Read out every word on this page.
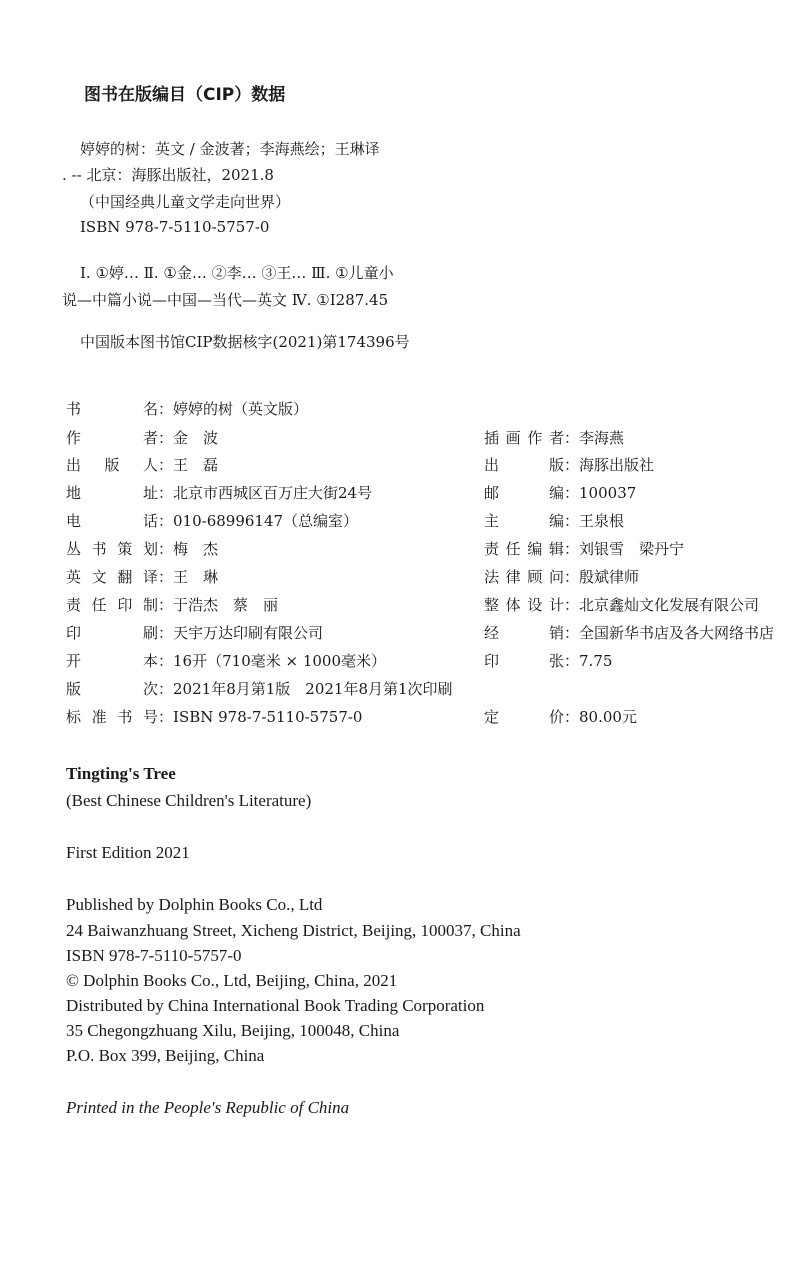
图书在版编目（CIP）数据
婷婷的树：英文 / 金波著；李海燕绘；王琳译
. -- 北京：海豚出版社，2021.8
（中国经典儿童文学走向世界）
ISBN 978-7-5110-5757-0
Ⅰ. ①婷… Ⅱ. ①金… ②李… ③王… Ⅲ. ①儿童小
说—中篇小说—中国—当代—英文 Ⅳ. ①I287.45
中国版本图书馆CIP数据核字(2021)第174396号
书名：婷婷的树（英文版）
作者：金　波
出版人：王　磊
地址：北京市西城区百万庄大街24号
电话：010-68996147（总编室）
丛书策划：梅　杰
英文翻译：王　琳
责任印制：于浩杰　蔡　丽
印刷：天宇万达印刷有限公司
开本：16开（710毫米 × 1000毫米）
版次：2021年8月第1版　2021年8月第1次印刷
标准书号：ISBN 978-7-5110-5757-0
插画作者：李海燕
出版：海豚出版社
邮编：100037
主编：王泉根
责任编辑：刘银雪　梁丹宁
法律顾问：殷斌律师
整体设计：北京鑫灿文化发展有限公司
经销：全国新华书店及各大网络书店
印张：7.75
定价：80.00元
Tingting's Tree
(Best Chinese Children's Literature)
First Edition 2021
Published by Dolphin Books Co., Ltd
24 Baiwanzhuang Street, Xicheng District, Beijing, 100037, China
ISBN 978-7-5110-5757-0
© Dolphin Books Co., Ltd, Beijing, China, 2021
Distributed by China International Book Trading Corporation
35 Chegongzhuang Xilu, Beijing, 100048, China
P.O. Box 399, Beijing, China
Printed in the People's Republic of China
